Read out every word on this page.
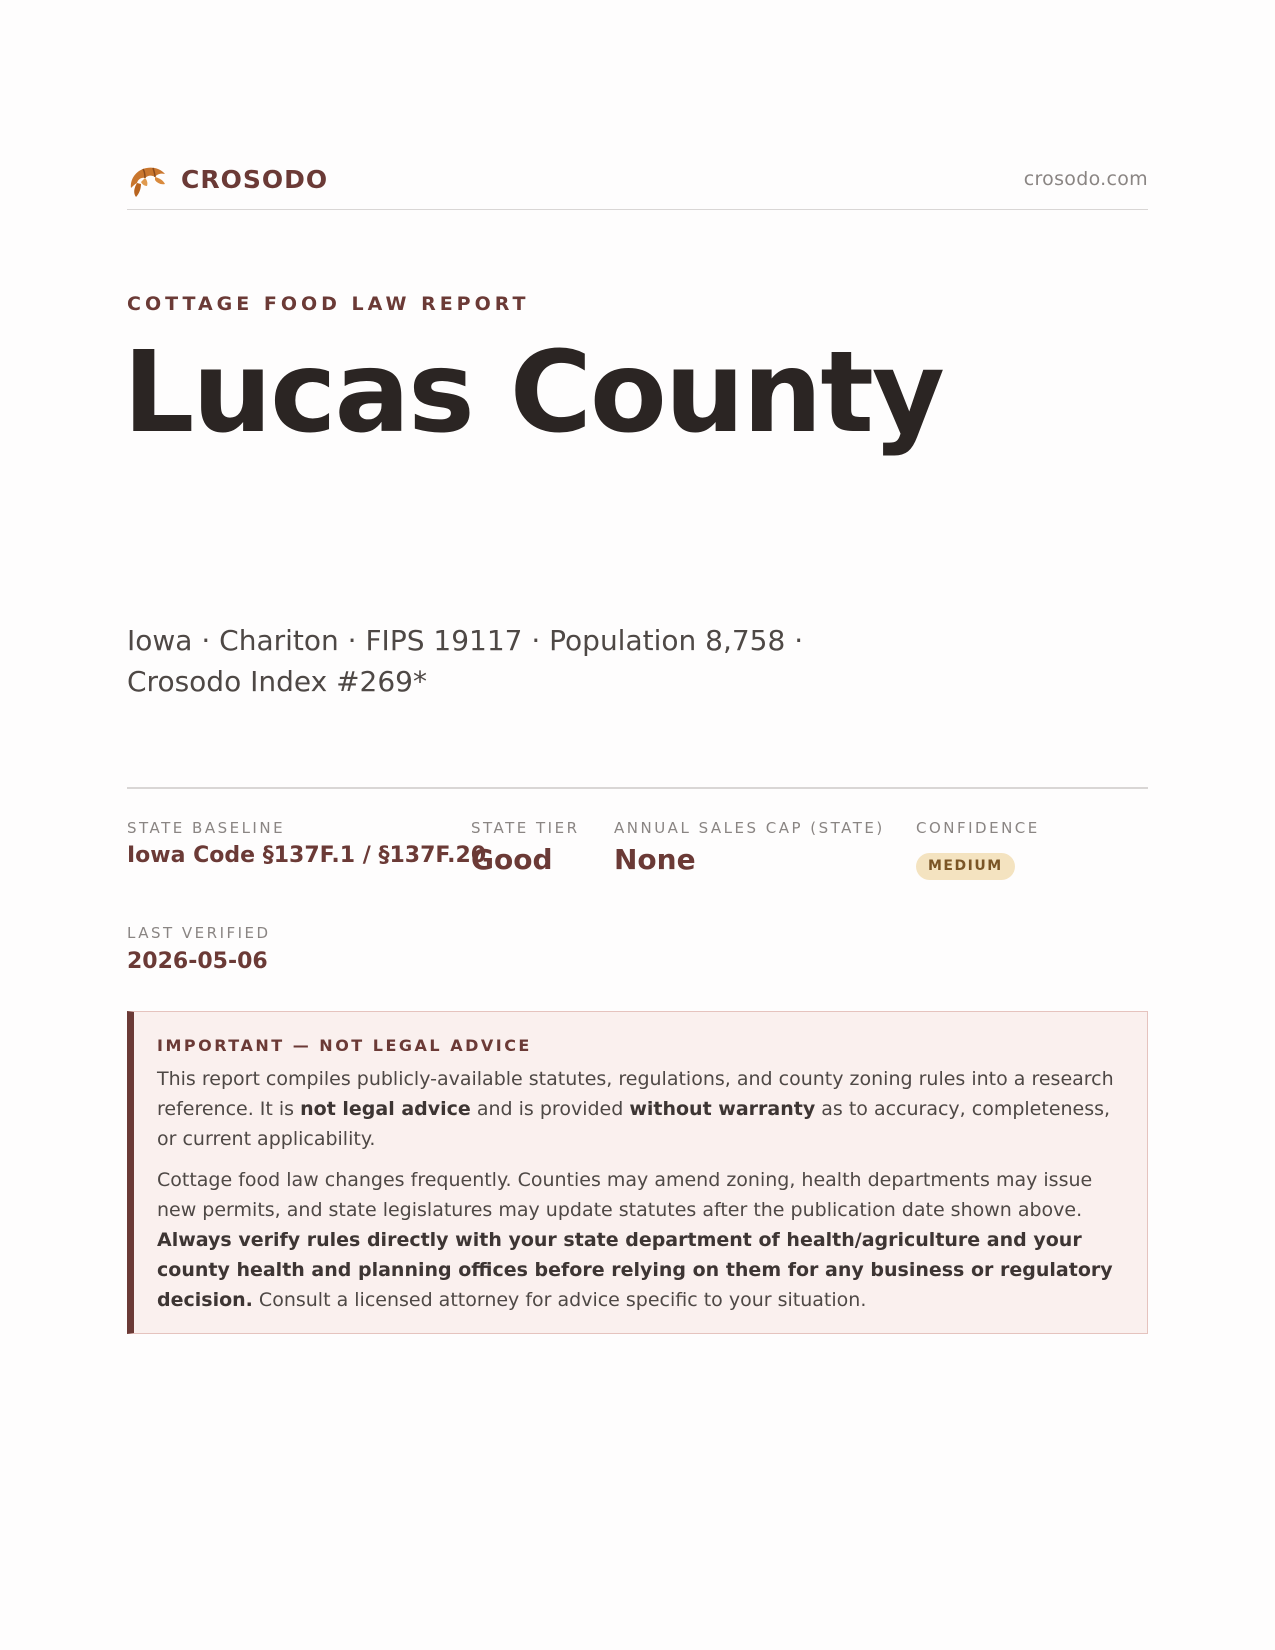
CROSODO	crosodo.com
COTTAGE FOOD LAW REPORT
Lucas County

Iowa · Chariton · FIPS 19117 · Population 8,758 · Crosodo Index #269*

STATE BASELINE
Iowa Code §137F.1 / §137F.20
STATE TIER
Good
ANNUAL SALES CAP (STATE)
None
CONFIDENCE
MEDIUM
LAST VERIFIED
2026-05-06
IMPORTANT — NOT LEGAL ADVICE

This report compiles publicly-available statutes, regulations, and county zoning rules into a research reference. It is not legal advice and is provided without warranty as to accuracy, completeness, or current applicability.

Cottage food law changes frequently. Counties may amend zoning, health departments may issue new permits, and state legislatures may update statutes after the publication date shown above. Always verify rules directly with your state department of health/agriculture and your county health and planning offices before relying on them for any business or regulatory decision. Consult a licensed attorney for advice specific to your situation.
